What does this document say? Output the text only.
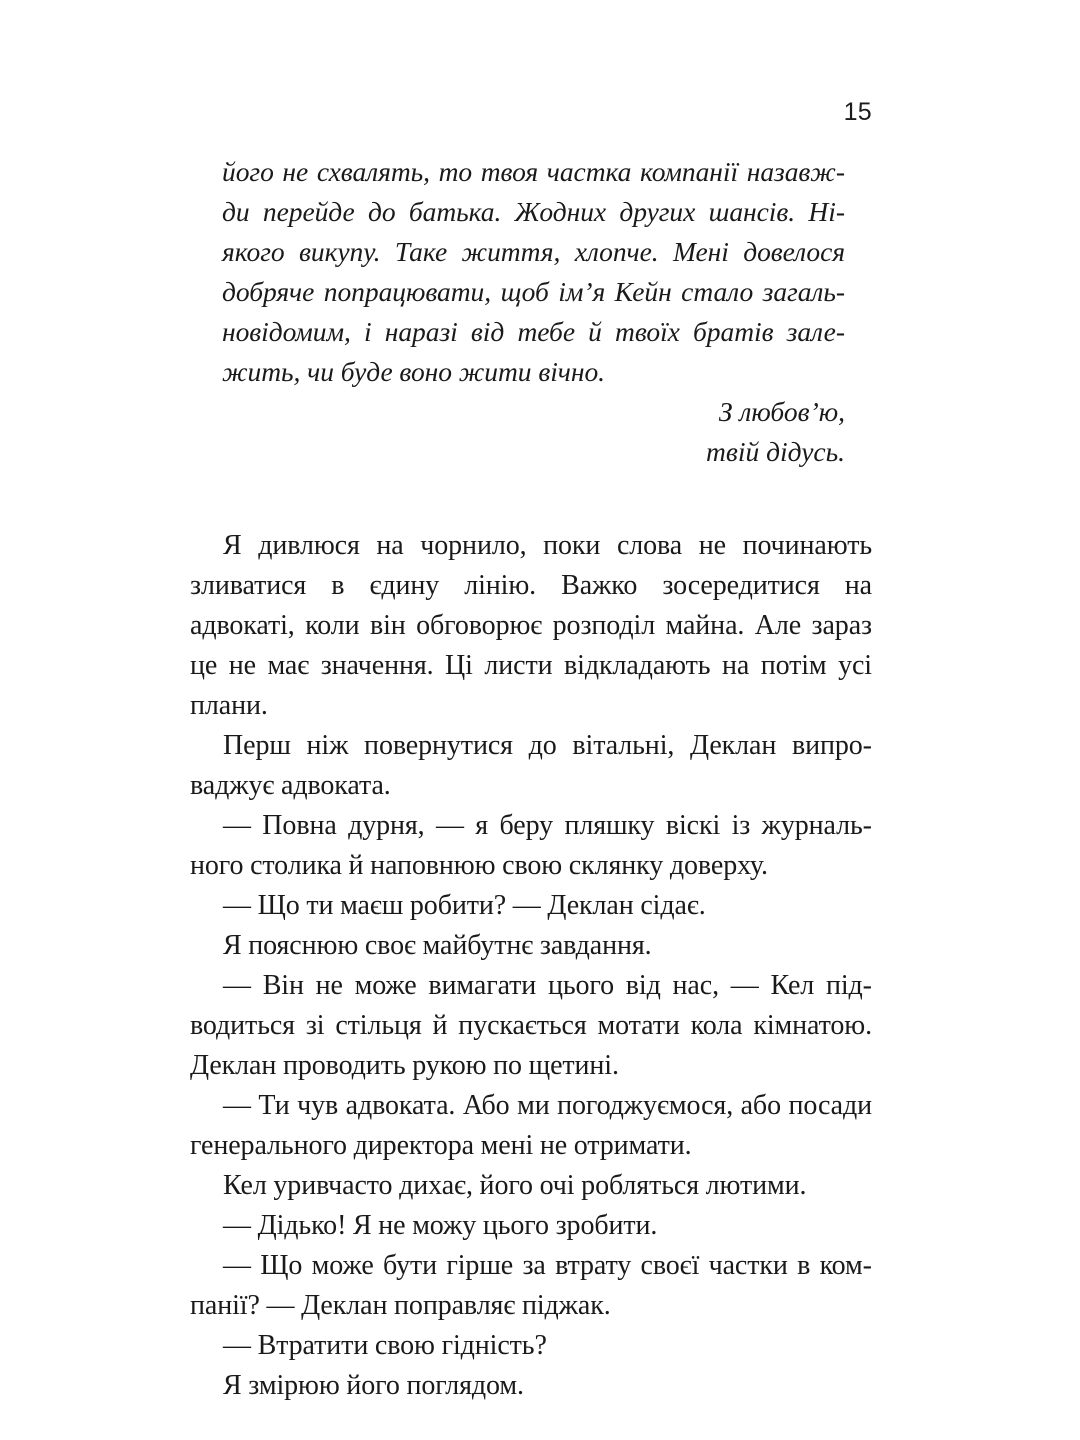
15

його не схвалять, то твоя частка компанії назавжди перейде до батька. Жодних других шансів. Ніякого викупу. Таке життя, хлопче. Мені довелося добряче попрацювати, щоб ім’я Кейн стало загальновідомим, і наразі від тебе й твоїх братів залежить, чи буде воно жити вічно.

З любов’ю,

твій дідусь.

Я дивлюся на чорнило, поки слова не починають зливатися в єдину лінію. Важко зосередитися на адвокаті, коли він обговорює розподіл майна. Але зараз це не має значення. Ці листи відкладають на потім усі плани.

Перш ніж повернутися до вітальні, Деклан випроваджує адвоката.

— Повна дурня, — я беру пляшку віскі із журнального столика й наповнюю свою склянку доверху.

— Що ти маєш робити? — Деклан сідає.

Я пояснюю своє майбутнє завдання.

— Він не може вимагати цього від нас, — Кел підводиться зі стільця й пускається мотати кола кімнатою. Деклан проводить рукою по щетині.

— Ти чув адвоката. Або ми погоджуємося, або посади генерального директора мені не отримати.

Кел уривчасто дихає, його очі робляться лютими.

— Дідько! Я не можу цього зробити.

— Що може бути гірше за втрату своєї частки в компанії? — Деклан поправляє піджак.

— Втратити свою гідність?

Я змірюю його поглядом.
